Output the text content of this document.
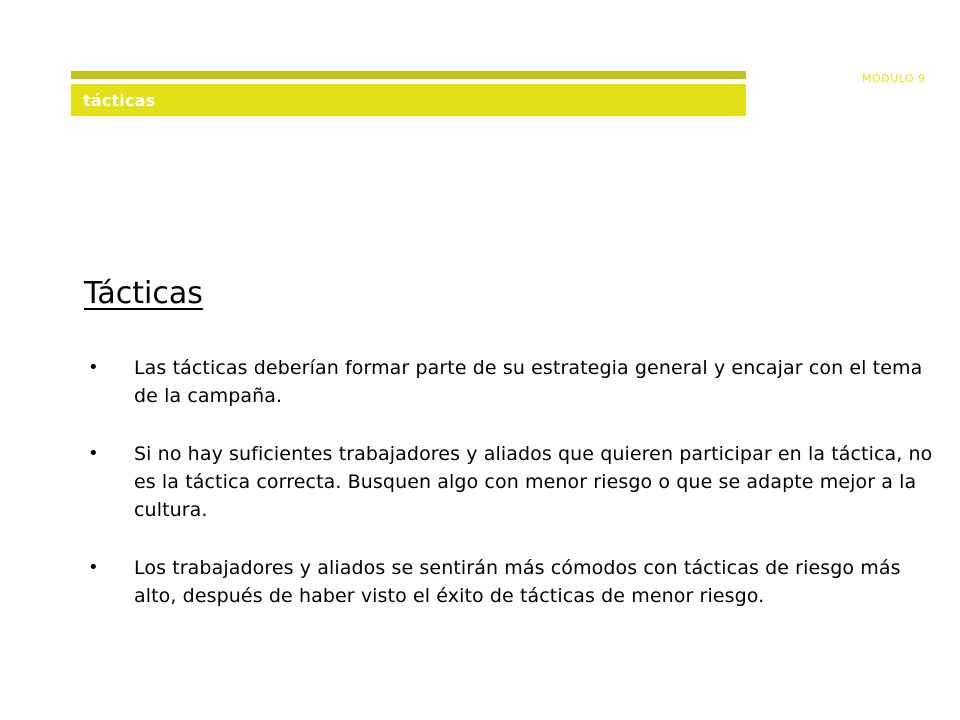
tácticas
MÓDULO 9
Tácticas
•	Las tácticas deberían formar parte de su estrategia general y encajar con el tema de la campaña.
•	Si no hay suficientes trabajadores y aliados que quieren participar en la táctica, no es la táctica correcta. Busquen algo con menor riesgo o que se adapte mejor a la cultura.
•	Los trabajadores y aliados se sentirán más cómodos con tácticas de riesgo más alto, después de haber visto el éxito de tácticas de menor riesgo.
